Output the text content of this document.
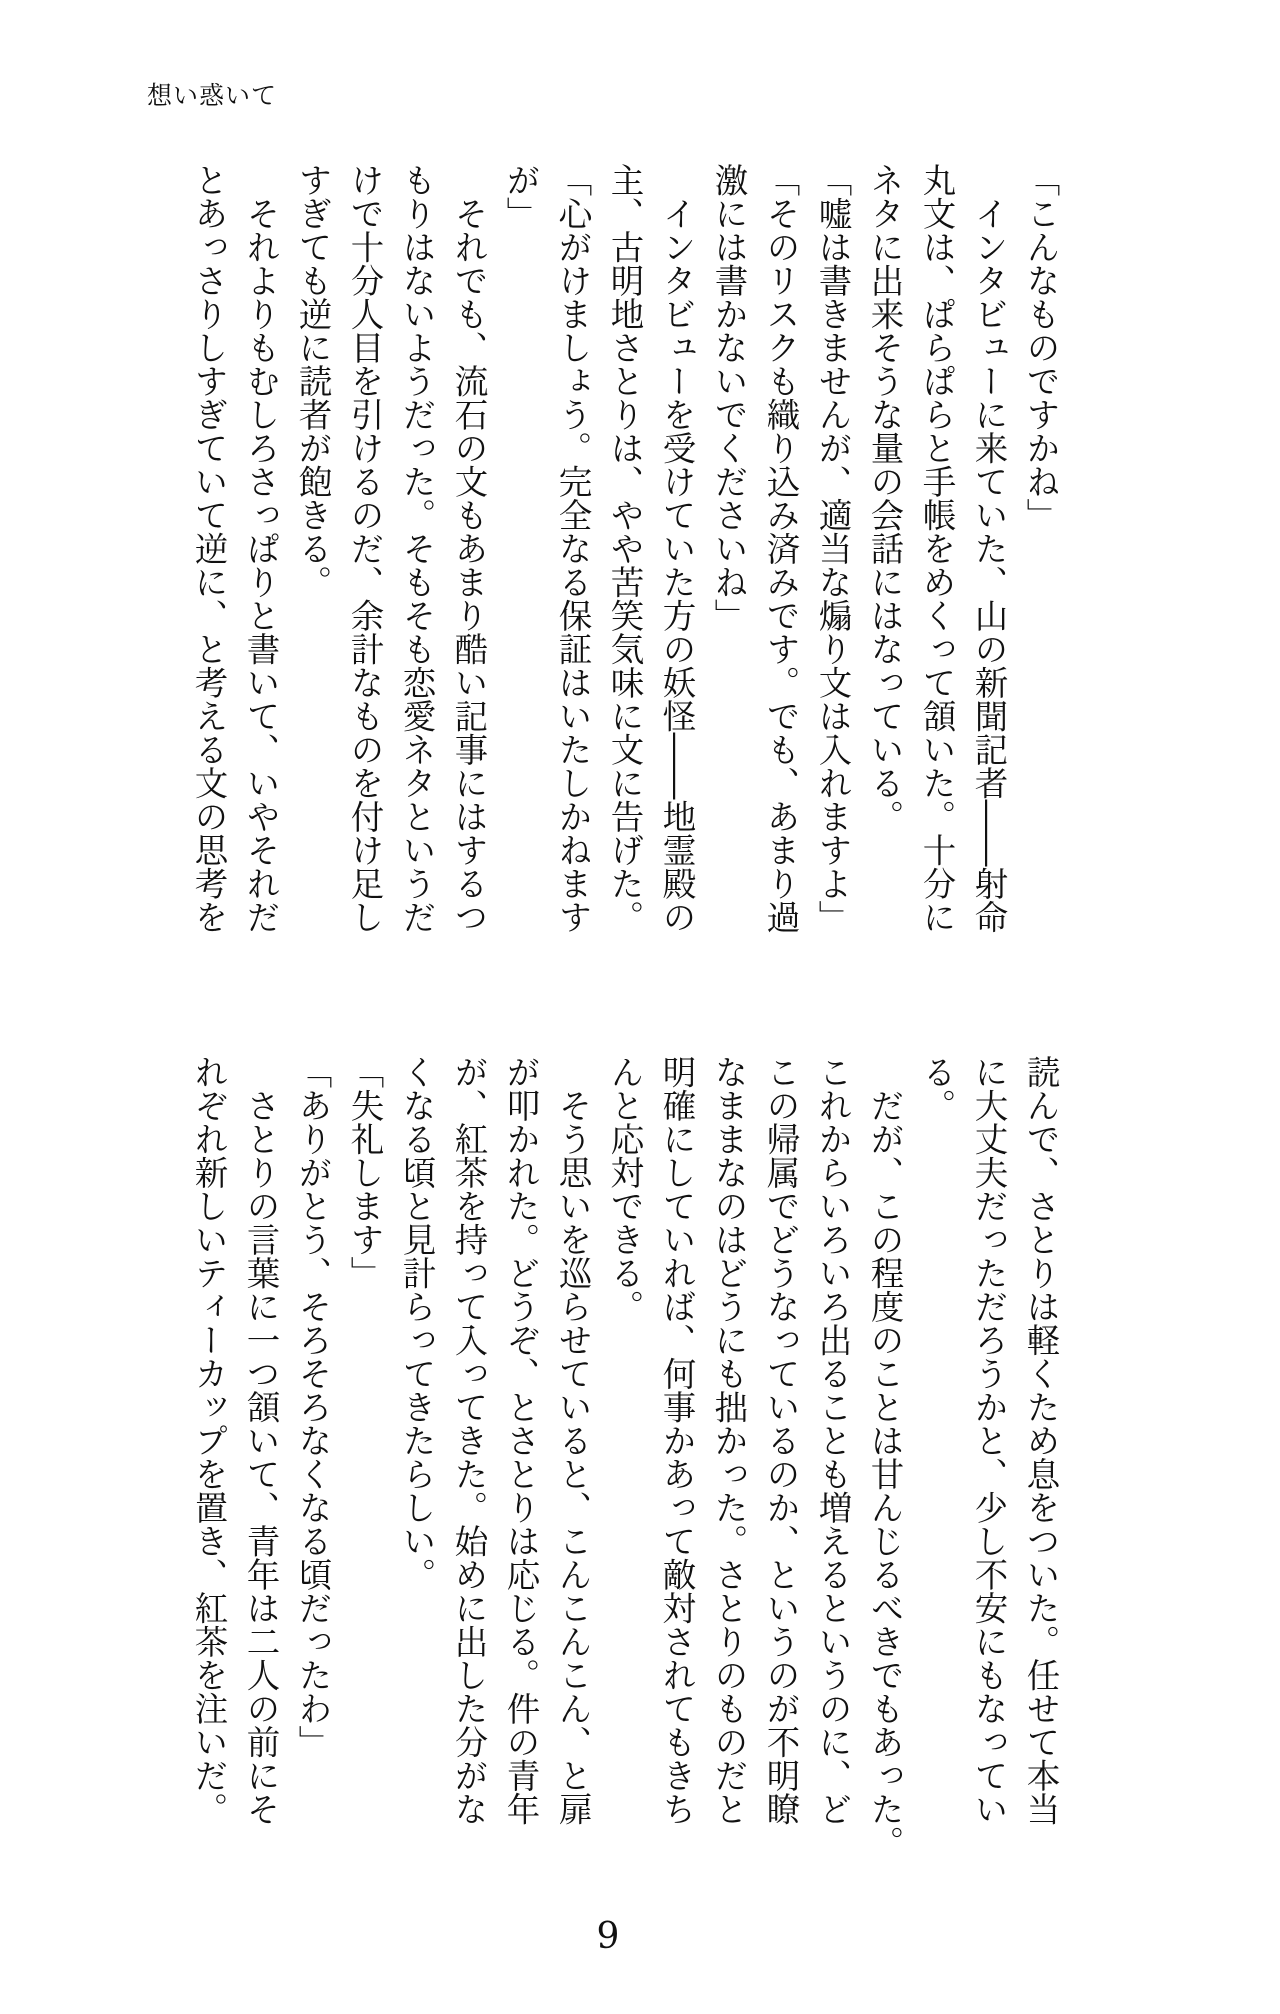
想い惑いて
「こんなものですかね」
　インタビューに来ていた、山の新聞記者――射命
丸文は、ぱらぱらと手帳をめくって頷いた。十分に
ネタに出来そうな量の会話にはなっている。
「嘘は書きませんが、適当な煽り文は入れますよ」
「そのリスクも織り込み済みです。でも、あまり過
激には書かないでくださいね」
　インタビューを受けていた方の妖怪――地霊殿の
主、古明地さとりは、やや苦笑気味に文に告げた。
「心がけましょう。完全なる保証はいたしかねます
が」
　それでも、流石の文もあまり酷い記事にはするつ
もりはないようだった。そもそも恋愛ネタというだ
けで十分人目を引けるのだ、余計なものを付け足し
すぎても逆に読者が飽きる。
　それよりもむしろさっぱりと書いて、いやそれだ
とあっさりしすぎていて逆に、と考える文の思考を
読んで、さとりは軽くため息をついた。任せて本当
に大丈夫だっただろうかと、少し不安にもなってい
る。
　だが、この程度のことは甘んじるべきでもあった。
これからいろいろ出ることも増えるというのに、ど
この帰属でどうなっているのか、というのが不明瞭
なままなのはどうにも拙かった。さとりのものだと
明確にしていれば、何事かあって敵対されてもきち
んと応対できる。
　そう思いを巡らせていると、こんこんこん、と扉
が叩かれた。どうぞ、とさとりは応じる。件の青年
が、紅茶を持って入ってきた。始めに出した分がな
くなる頃と見計らってきたらしい。
「失礼します」
「ありがとう、そろそろなくなる頃だったわ」
　さとりの言葉に一つ頷いて、青年は二人の前にそ
れぞれ新しいティーカップを置き、紅茶を注いだ。
9
